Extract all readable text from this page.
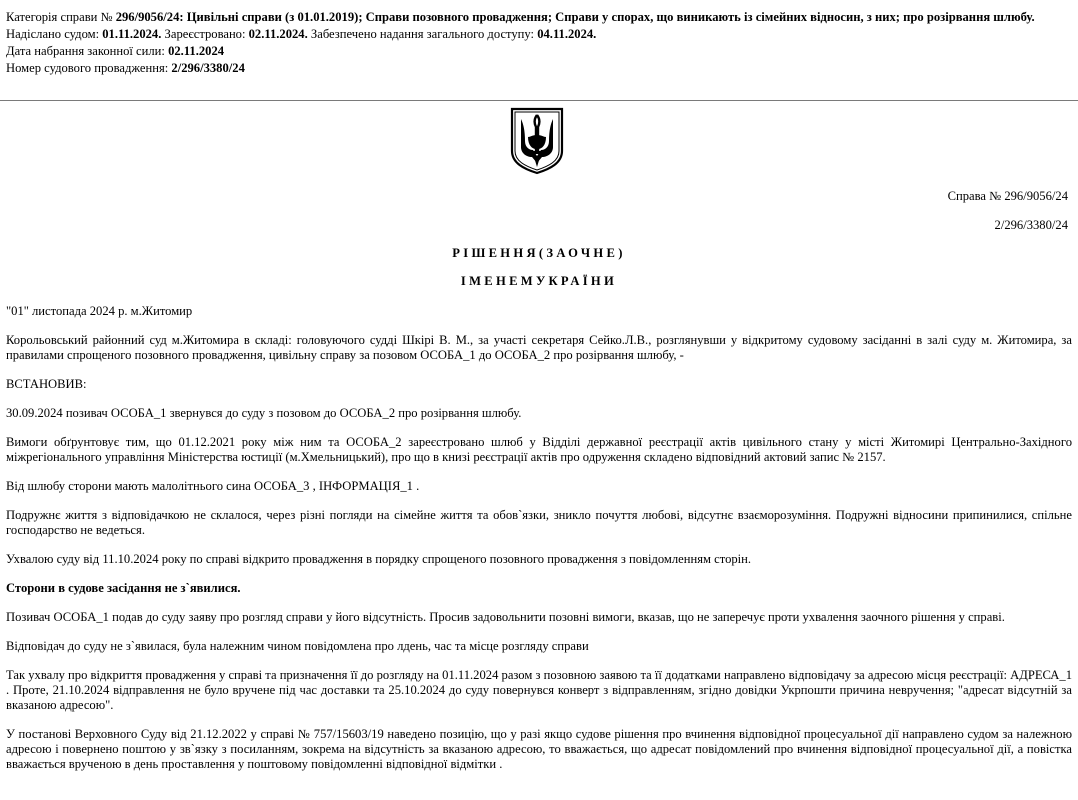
Категорія справи № 296/9056/24: Цивільні справи (з 01.01.2019); Справи позовного провадження; Справи у спорах, що виникають із сімейних відносин, з них; про розірвання шлюбу.
Надіслано судом: 01.11.2024. Зареєстровано: 02.11.2024. Забезпечено надання загального доступу: 04.11.2024.
Дата набрання законної сили: 02.11.2024
Номер судового провадження: 2/296/3380/24
Справа № 296/9056/24
2/296/3380/24
РІШЕННЯ(ЗАОЧНЕ)
ІМЕНЕМУКРАЇНИ

"01" листопада 2024 р. м.Житомир

Корольовський районний суд м.Житомира в складі: головуючого судді Шкірі В. М., за участі секретаря Сейко.Л.В., розглянувши у відкритому судовому засіданні в залі суду м. Житомира, за правилами спрощеного позовного провадження, цивільну справу за позовом ОСОБА_1 до ОСОБА_2 про розірвання шлюбу, -

ВСТАНОВИВ:

30.09.2024 позивач ОСОБА_1 звернувся до суду з позовом до ОСОБА_2 про розірвання шлюбу.

Вимоги обґрунтовує тим, що 01.12.2021 року між ним та ОСОБА_2 зареєстровано шлюб у Відділі державної реєстрації актів цивільного стану у місті Житомирі Центрально-Західного міжрегіонального управління Міністерства юстиції (м.Хмельницький), про що в книзі реєстрації актів про одруження складено відповідний актовий запис № 2157.

Від шлюбу сторони мають малолітнього сина ОСОБА_3 , ІНФОРМАЦІЯ_1 .

Подружнє життя з відповідачкою не склалося, через різні погляди на сімейне життя та обов`язки, зникло почуття любові, відсутнє взаєморозуміння. Подружні відносини припинилися, спільне господарство не ведеться.

Ухвалою суду від 11.10.2024 року по справі відкрито провадження в порядку спрощеного позовного провадження з повідомленням сторін.

Сторони в судове засідання не з`явилися.

Позивач ОСОБА_1 подав до суду заяву про розгляд справи у його відсутність. Просив задовольнити позовні вимоги, вказав, що не заперечує проти ухвалення заочного рішення у справі.

Відповідач до суду не з`явилася, була належним чином повідомлена про лдень, час та місце розгляду справи

Так ухвалу про відкриття провадження у справі та призначення її до розгляду на 01.11.2024 разом з позовною заявою та її додатками направлено відповідачу за адресою місця реєстрації: АДРЕСА_1 . Проте, 21.10.2024 відправлення не було вручене під час доставки та 25.10.2024 до суду повернувся конверт з відправленням, згідно довідки Укрпошти причина невручення; "адресат відсутній за вказаною адресою".

У постанові Верховного Суду від 21.12.2022 у справі № 757/15603/19 наведено позицію, що у разі якщо судове рішення про вчинення відповідної процесуальної дії направлено судом за належною адресою і повернено поштою у зв`язку з посиланням, зокрема на відсутність за вказаною адресою, то вважається, що адресат повідомлений про вчинення відповідної процесуальної дії, а повістка вважається врученою в день проставлення у поштовому повідомленні відповідної відмітки .
